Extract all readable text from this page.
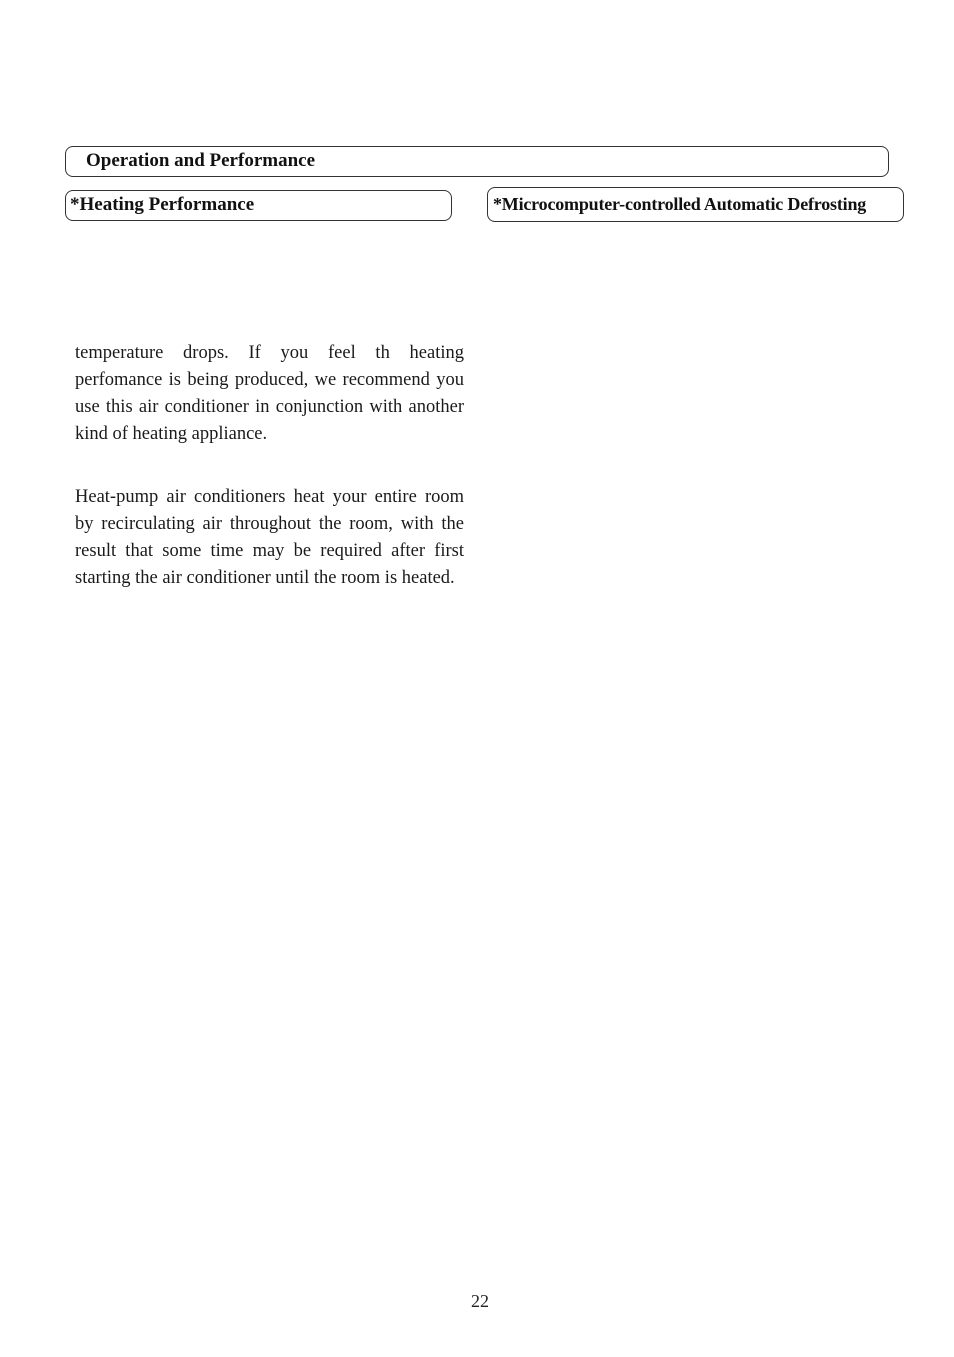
Operation and Performance
*Heating Performance	*Microcomputer-controlled Automatic Defrosting

temperature drops. If you feel th heating perfomance is being produced, we recommend you use this air conditioner in conjunction with another kind of heating appliance.

Heat-pump air conditioners heat your entire room by recirculating air throughout the room, with the result that some time may be required after first starting the air conditioner until the room is heated.

22
